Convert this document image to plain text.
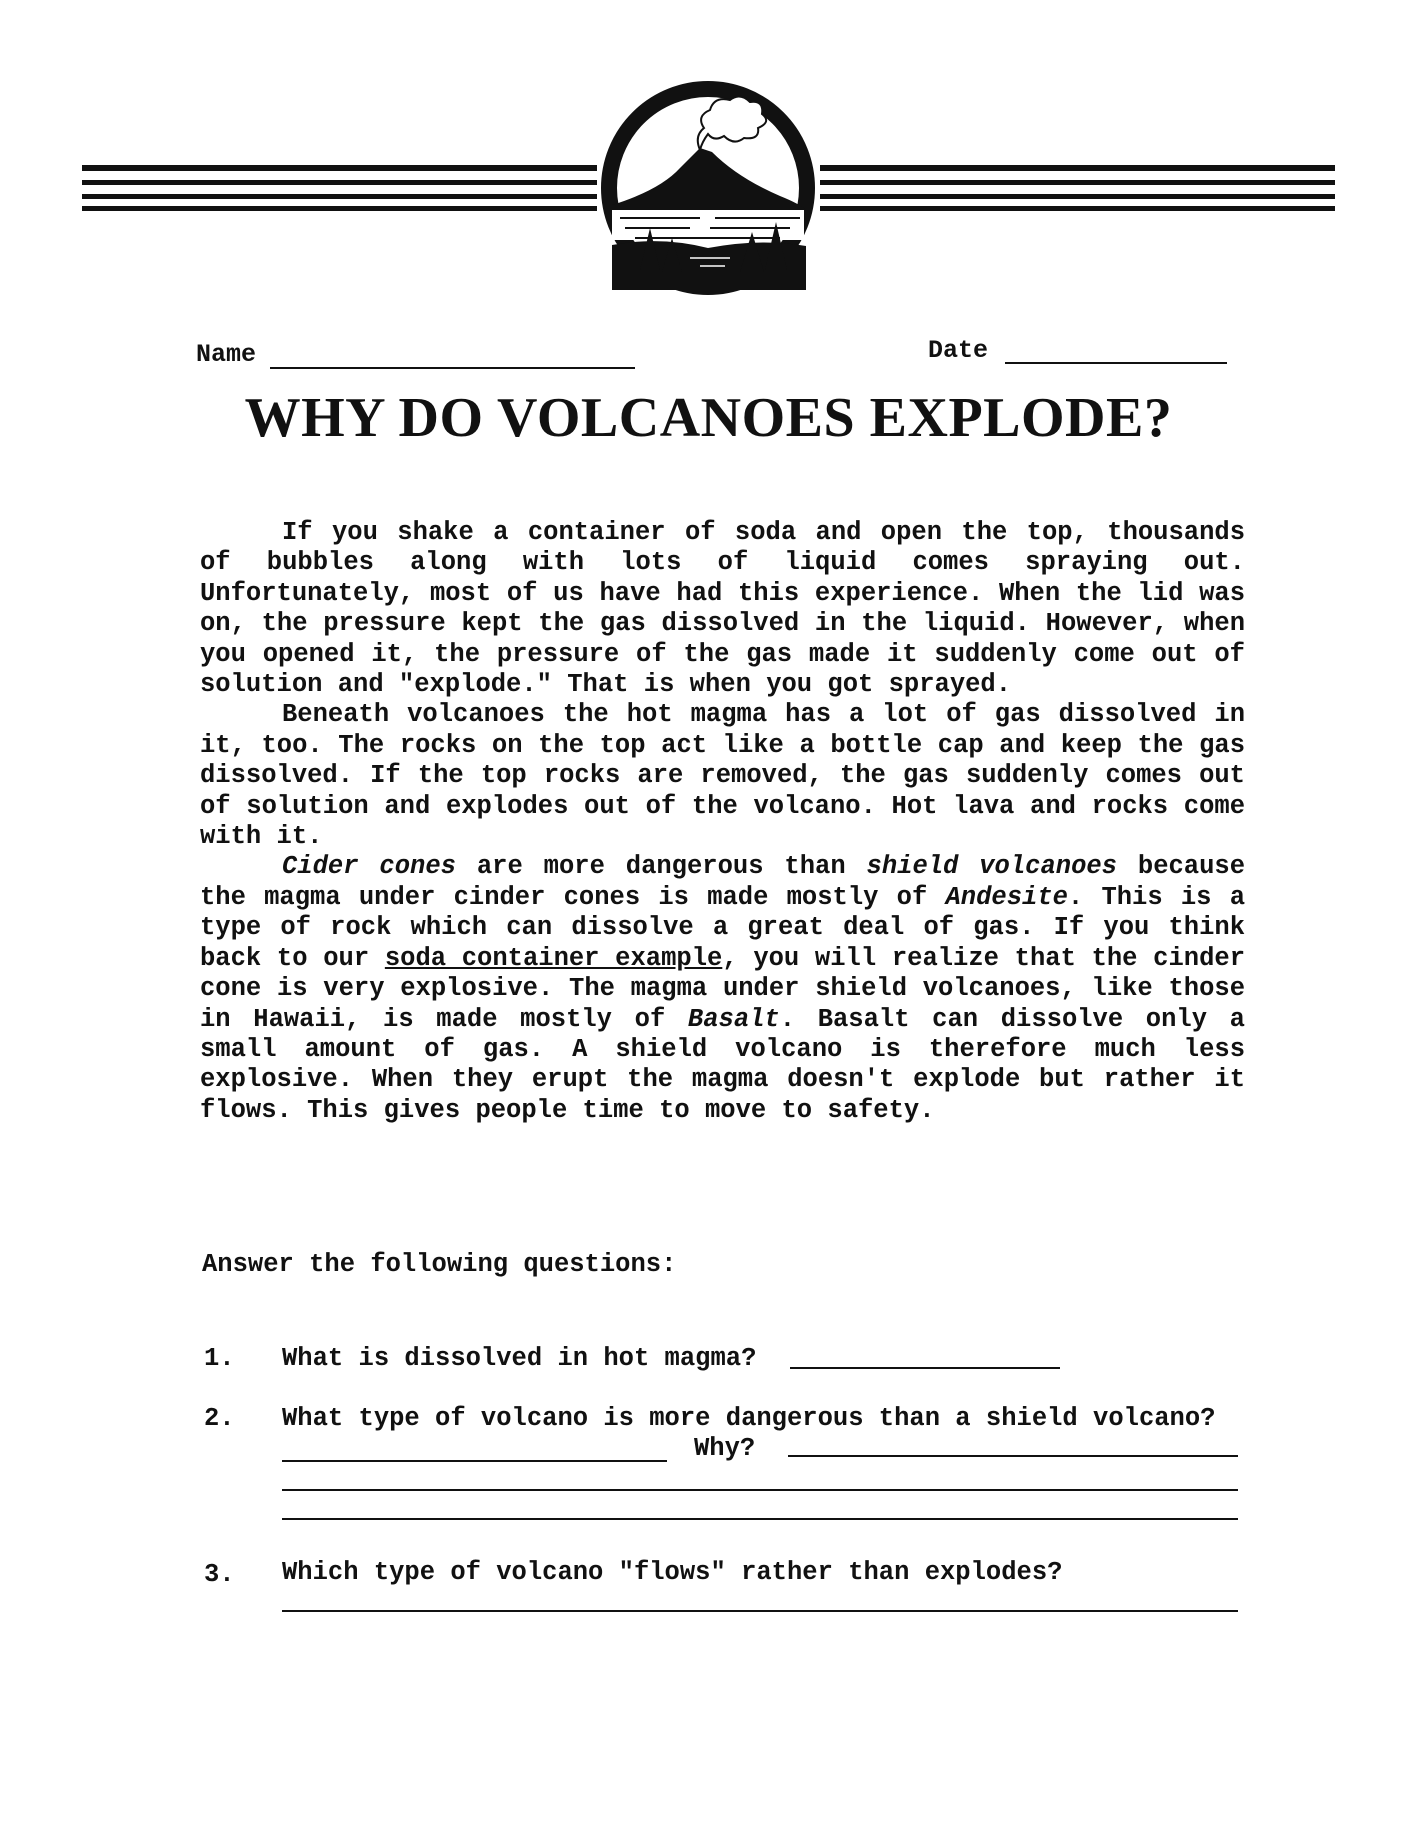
Name	Date
WHY DO VOLCANOES EXPLODE?

If you shake a container of soda and open the top, thousands of bubbles along with lots of liquid comes spraying out. Unfortunately, most of us have had this experience. When the lid was on, the pressure kept the gas dissolved in the liquid. However, when you opened it, the pressure of the gas made it suddenly come out of solution and "explode." That is when you got sprayed.

Beneath volcanoes the hot magma has a lot of gas dissolved in it, too. The rocks on the top act like a bottle cap and keep the gas dissolved. If the top rocks are removed, the gas suddenly comes out of solution and explodes out of the volcano. Hot lava and rocks come with it.

Cider cones are more dangerous than shield volcanoes because the magma under cinder cones is made mostly of Andesite. This is a type of rock which can dissolve a great deal of gas. If you think back to our soda container example, you will realize that the cinder cone is very explosive. The magma under shield volcanoes, like those in Hawaii, is made mostly of Basalt. Basalt can dissolve only a small amount of gas. A shield volcano is therefore much less explosive. When they erupt the magma doesn't explode but rather it flows. This gives people time to move to safety.

Answer the following questions:
1. What is dissolved in hot magma?
2. What type of volcano is more dangerous than a shield volcano?
Why?
3. Which type of volcano "flows" rather than explodes?
